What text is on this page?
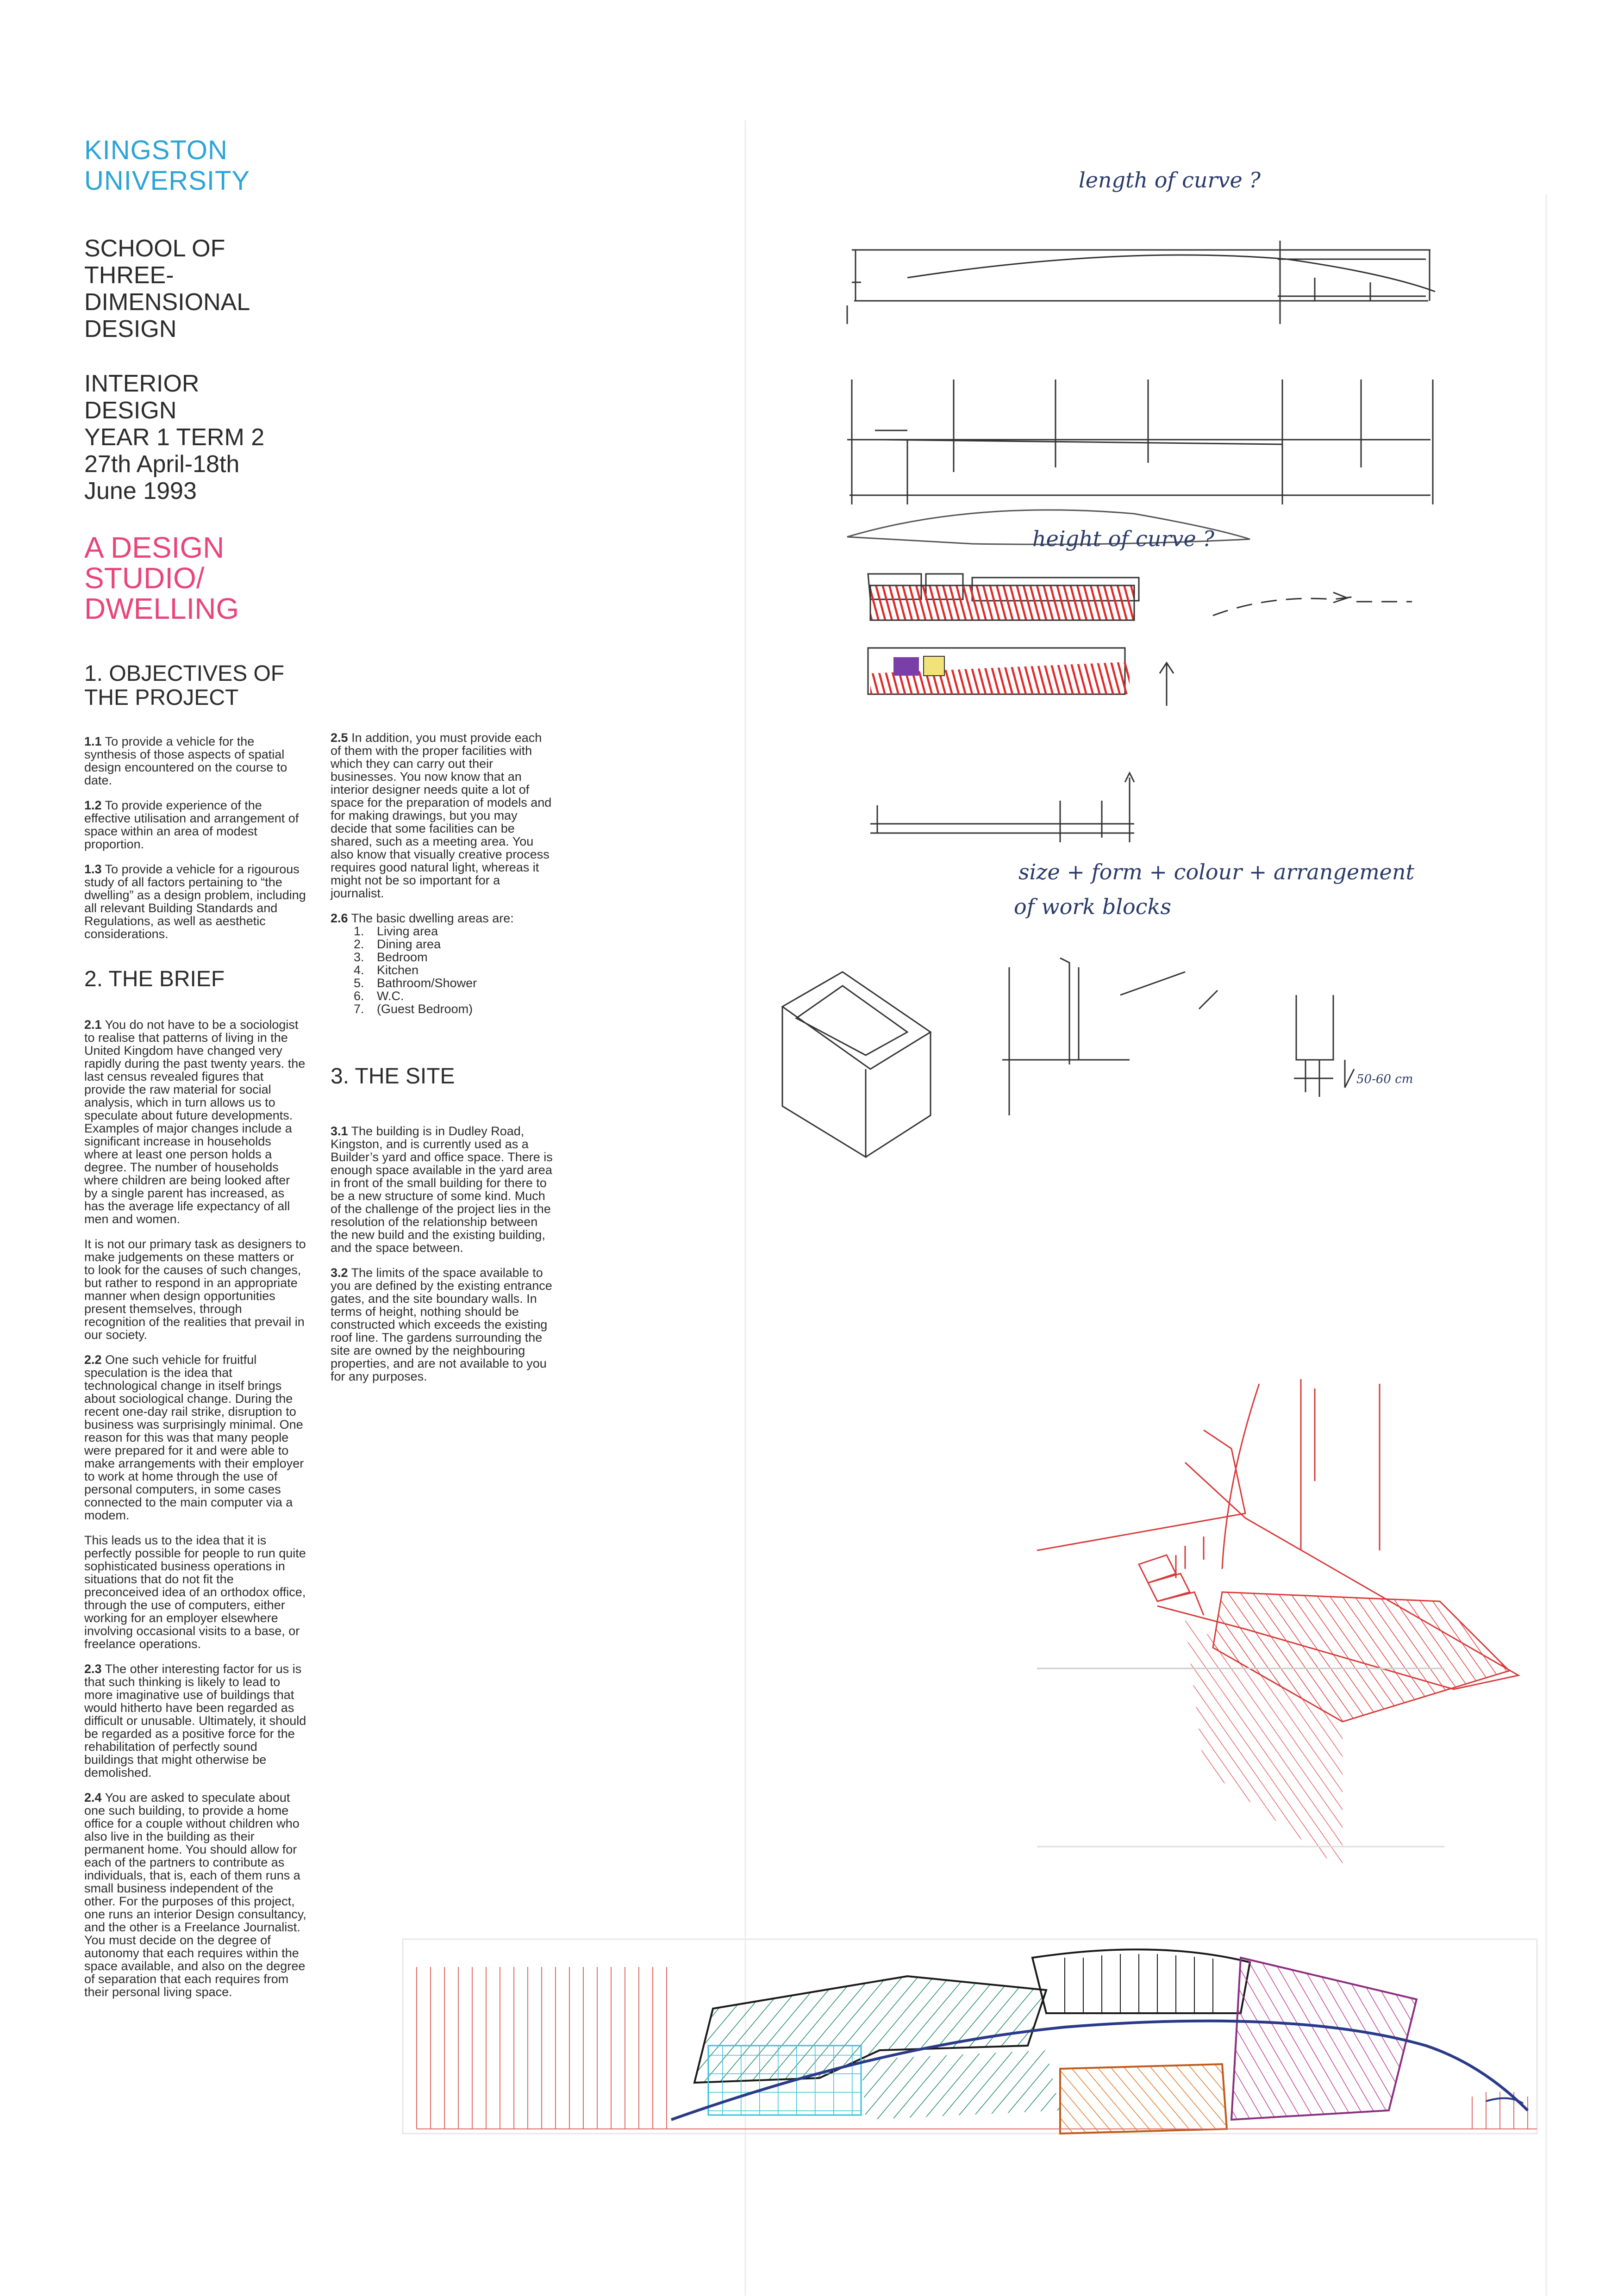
KINGSTON
UNIVERSITY
SCHOOL OF
THREE-
DIMENSIONAL
DESIGN
INTERIOR
DESIGN
YEAR 1 TERM 2
27th April-18th
June 1993
A DESIGN
STUDIO/
DWELLING
1. OBJECTIVES OF
THE PROJECT

1.1 To provide a vehicle for the synthesis of those aspects of spatial design encountered on the course to date.

1.2 To provide experience of the effective utilisation and arrangement of space within an area of modest proportion.

1.3 To provide a vehicle for a rigourous study of all factors pertaining to “the dwelling” as a design problem, including all relevant Building Standards and Regulations, as well as aesthetic considerations.

2. THE BRIEF

2.1 You do not have to be a sociologist to realise that patterns of living in the United Kingdom have changed very rapidly during the past twenty years. the last census revealed figures that provide the raw material for social analysis, which in turn allows us to speculate about future developments. Examples of major changes include a significant increase in households where at least one person holds a degree. The number of households where children are being looked after by a single parent has increased, as has the average life expectancy of all men and women.

It is not our primary task as designers to make judgements on these matters or to look for the causes of such changes, but rather to respond in an appropriate manner when design opportunities present themselves, through recognition of the realities that prevail in our society.

2.2 One such vehicle for fruitful speculation is the idea that technological change in itself brings about sociological change. During the recent one-day rail strike, disruption to business was surprisingly minimal. One reason for this was that many people were prepared for it and were able to make arrangements with their employer to work at home through the use of personal computers, in some cases connected to the main computer via a modem.

This leads us to the idea that it is perfectly possible for people to run quite sophisticated business operations in situations that do not fit the preconceived idea of an orthodox office, through the use of computers, either working for an employer elsewhere involving occasional visits to a base, or freelance operations.

2.3 The other interesting factor for us is that such thinking is likely to lead to more imaginative use of buildings that would hitherto have been regarded as difficult or unusable. Ultimately, it should be regarded as a positive force for the rehabilitation of perfectly sound buildings that might otherwise be demolished.

2.4 You are asked to speculate about one such building, to provide a home office for a couple without children who also live in the building as their permanent home. You should allow for each of the partners to contribute as individuals, that is, each of them runs a small business independent of the other. For the purposes of this project, one runs an interior Design consultancy, and the other is a Freelance Journalist. You must decide on the degree of autonomy that each requires within the space available, and also on the degree of separation that each requires from their personal living space.

2.5 In addition, you must provide each of them with the proper facilities with which they can carry out their businesses. You now know that an interior designer needs quite a lot of space for the preparation of models and for making drawings, but you may decide that some facilities can be shared, such as a meeting area. You also know that visually creative process requires good natural light, whereas it might not be so important for a journalist.

2.6 The basic dwelling areas are:

1.	Living area
2.	Dining area
3.	Bedroom
4.	Kitchen
5.	Bathroom/Shower
6.	W.C.
7.	(Guest Bedroom)
3. THE SITE

3.1 The building is in Dudley Road, Kingston, and is currently used as a Builder’s yard and office space. There is enough space available in the yard area in front of the small building for there to be a new structure of some kind. Much of the challenge of the project lies in the resolution of the relationship between the new build and the existing building, and the space between.

3.2 The limits of the space available to you are defined by the existing entrance gates, and the site boundary walls. In terms of height, nothing should be constructed which exceeds the existing roof line. The gardens surrounding the site are owned by the neighbouring properties, and are not available to you for any purposes.

length of curve ?
height of curve ?
size + form + colour + arrangement
of work blocks
50-60 cm
